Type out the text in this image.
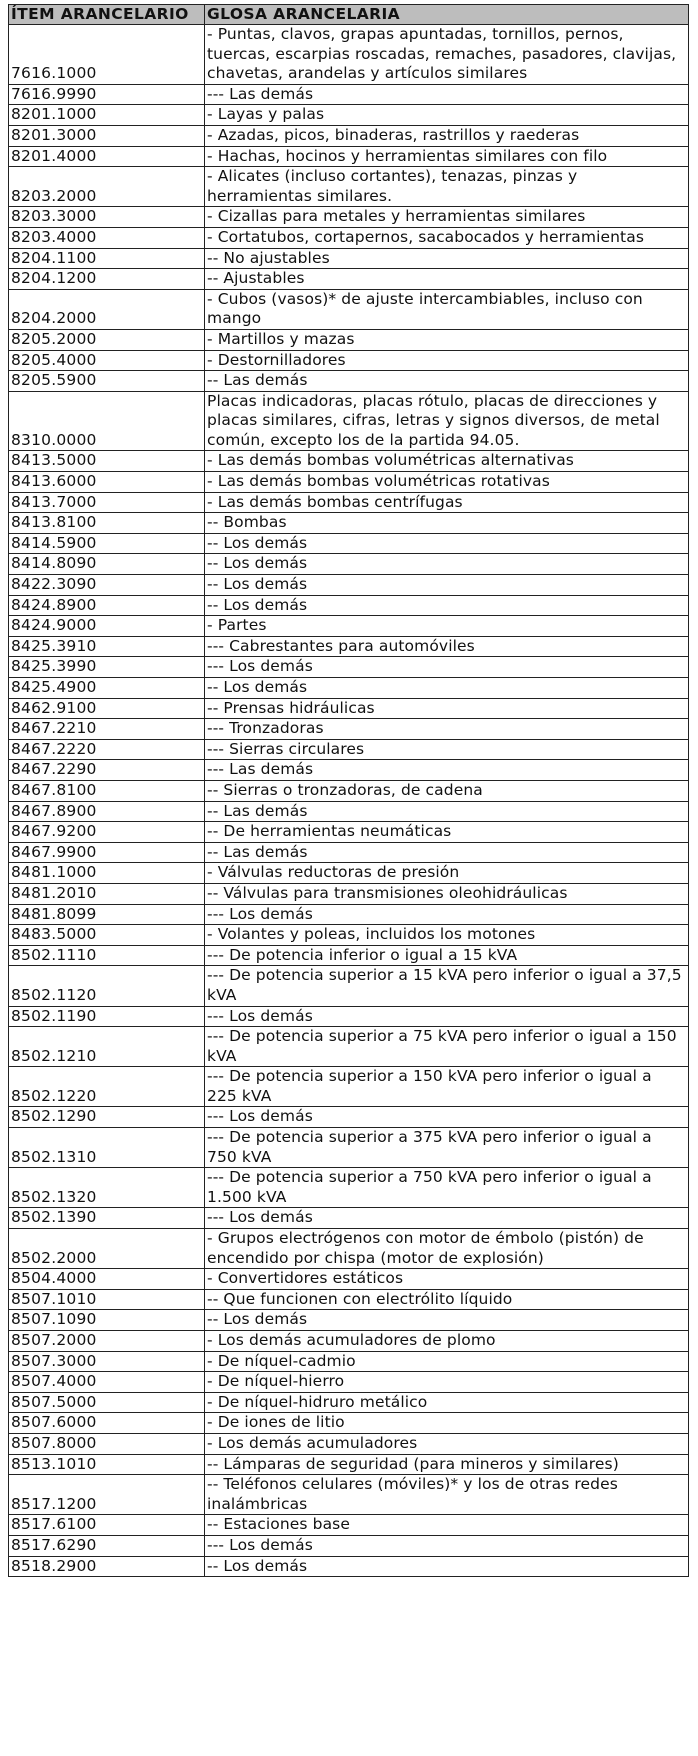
ÍTEM ARANCELARIO	GLOSA ARANCELARIA
7616.1000	- Puntas, clavos, grapas apuntadas, tornillos, pernos, tuercas, escarpias roscadas, remaches, pasadores, clavijas, chavetas, arandelas y artículos similares
7616.9990	--- Las demás
8201.1000	- Layas y palas
8201.3000	- Azadas, picos, binaderas, rastrillos y raederas
8201.4000	- Hachas, hocinos y herramientas similares con filo
8203.2000	- Alicates (incluso cortantes), tenazas, pinzas y herramientas similares.
8203.3000	- Cizallas para metales y herramientas similares
8203.4000	- Cortatubos, cortapernos, sacabocados y herramientas
8204.1100	-- No ajustables
8204.1200	-- Ajustables
8204.2000	- Cubos (vasos)* de ajuste intercambiables, incluso con mango
8205.2000	- Martillos y mazas
8205.4000	- Destornilladores
8205.5900	-- Las demás
8310.0000	Placas indicadoras, placas rótulo, placas de direcciones y placas similares, cifras, letras y signos diversos, de metal común, excepto los de la partida 94.05.
8413.5000	- Las demás bombas volumétricas alternativas
8413.6000	- Las demás bombas volumétricas rotativas
8413.7000	- Las demás bombas centrífugas
8413.8100	-- Bombas
8414.5900	-- Los demás
8414.8090	-- Los demás
8422.3090	-- Los demás
8424.8900	-- Los demás
8424.9000	- Partes
8425.3910	--- Cabrestantes para automóviles
8425.3990	--- Los demás
8425.4900	-- Los demás
8462.9100	-- Prensas hidráulicas
8467.2210	--- Tronzadoras
8467.2220	--- Sierras circulares
8467.2290	--- Las demás
8467.8100	-- Sierras o tronzadoras, de cadena
8467.8900	-- Las demás
8467.9200	-- De herramientas neumáticas
8467.9900	-- Las demás
8481.1000	- Válvulas reductoras de presión
8481.2010	-- Válvulas para transmisiones oleohidráulicas
8481.8099	--- Los demás
8483.5000	- Volantes y poleas, incluidos los motones
8502.1110	--- De potencia inferior o igual a 15 kVA
8502.1120	--- De potencia superior a 15 kVA pero inferior o igual a 37,5 kVA
8502.1190	--- Los demás
8502.1210	--- De potencia superior a 75 kVA pero inferior o igual a 150 kVA
8502.1220	--- De potencia superior a 150 kVA pero inferior o igual a 225 kVA
8502.1290	--- Los demás
8502.1310	--- De potencia superior a 375 kVA pero inferior o igual a 750 kVA
8502.1320	--- De potencia superior a 750 kVA pero inferior o igual a 1.500 kVA
8502.1390	--- Los demás
8502.2000	- Grupos electrógenos con motor de émbolo (pistón) de encendido por chispa (motor de explosión)
8504.4000	- Convertidores estáticos
8507.1010	-- Que funcionen con electrólito líquido
8507.1090	-- Los demás
8507.2000	- Los demás acumuladores de plomo
8507.3000	- De níquel-cadmio
8507.4000	- De níquel-hierro
8507.5000	- De níquel-hidruro metálico
8507.6000	- De iones de litio
8507.8000	- Los demás acumuladores
8513.1010	-- Lámparas de seguridad (para mineros y similares)
8517.1200	-- Teléfonos celulares (móviles)* y los de otras redes inalámbricas
8517.6100	-- Estaciones base
8517.6290	--- Los demás
8518.2900	-- Los demás
